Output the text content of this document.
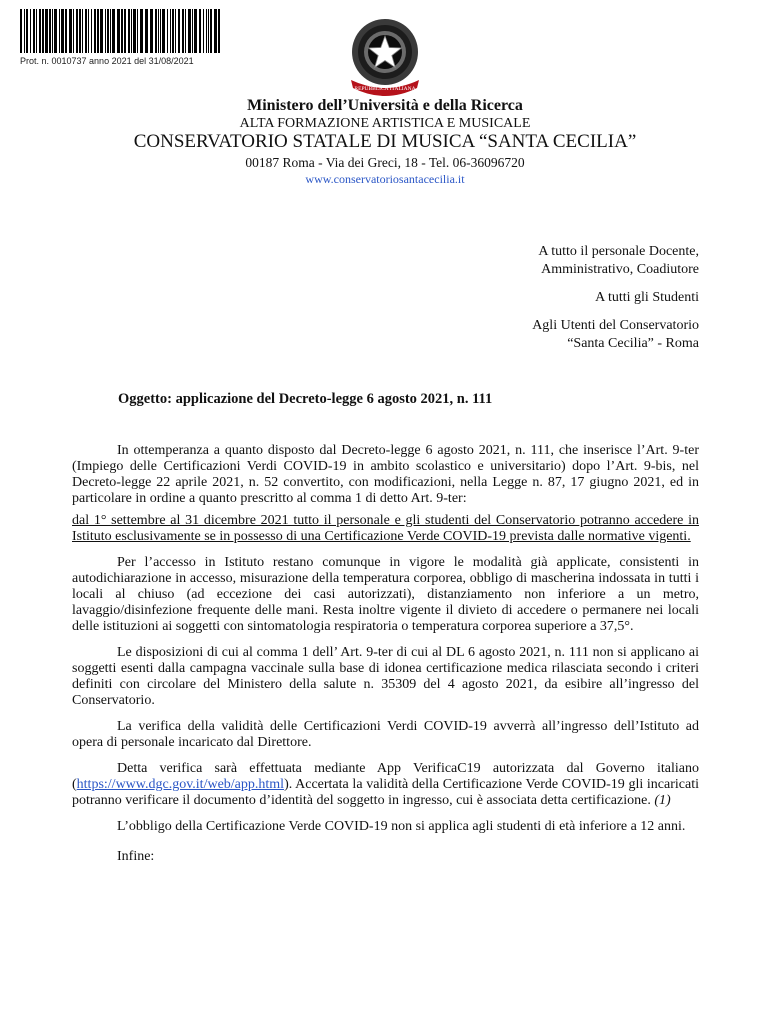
Prot. n. 0010737 anno 2021 del 31/08/2021
REPUBBLICA ITALIANA
Ministero dell’Università e della Ricerca
ALTA FORMAZIONE ARTISTICA E MUSICALE
CONSERVATORIO STATALE DI MUSICA “SANTA CECILIA”
00187 Roma - Via dei Greci, 18 - Tel. 06-36096720
www.conservatoriosantacecilia.it
A tutto il personale Docente,
Amministrativo, Coadiutore
A tutti gli Studenti
Agli Utenti del Conservatorio
“Santa Cecilia” - Roma
Oggetto: applicazione del Decreto-legge 6 agosto 2021, n. 111

In ottemperanza a quanto disposto dal Decreto-legge 6 agosto 2021, n. 111, che inserisce l’Art. 9-ter (Impiego delle Certificazioni Verdi COVID-19 in ambito scolastico e universitario) dopo l’Art. 9-bis, nel Decreto-legge 22 aprile 2021, n. 52 convertito, con modificazioni, nella Legge n. 87, 17 giugno 2021, ed in particolare in ordine a quanto prescritto al comma 1 di detto Art. 9-ter:

dal 1° settembre al 31 dicembre 2021 tutto il personale e gli studenti del Conservatorio potranno accedere in Istituto esclusivamente se in possesso di una Certificazione Verde COVID-19 prevista dalle normative vigenti.

Per l’accesso in Istituto restano comunque in vigore le modalità già applicate, consistenti in autodichiarazione in accesso, misurazione della temperatura corporea, obbligo di mascherina indossata in tutti i locali al chiuso (ad eccezione dei casi autorizzati), distanziamento non inferiore a un metro, lavaggio/disinfezione frequente delle mani. Resta inoltre vigente il divieto di accedere o permanere nei locali delle istituzioni ai soggetti con sintomatologia respiratoria o temperatura corporea superiore a 37,5°.

Le disposizioni di cui al comma 1 dell’ Art. 9-ter di cui al DL 6 agosto 2021, n. 111 non si applicano ai soggetti esenti dalla campagna vaccinale sulla base di idonea certificazione medica rilasciata secondo i criteri definiti con circolare del Ministero della salute n. 35309 del 4 agosto 2021, da esibire all’ingresso del Conservatorio.

La verifica della validità delle Certificazioni Verdi COVID-19 avverrà all’ingresso dell’Istituto ad opera di personale incaricato dal Direttore.

Detta verifica sarà effettuata mediante App VerificaC19 autorizzata dal Governo italiano (https://www.dgc.gov.it/web/app.html). Accertata la validità della Certificazione Verde COVID-19 gli incaricati potranno verificare il documento d’identità del soggetto in ingresso, cui è associata detta certificazione. (1)

L’obbligo della Certificazione Verde COVID-19 non si applica agli studenti di età inferiore a 12 anni.

Infine:
